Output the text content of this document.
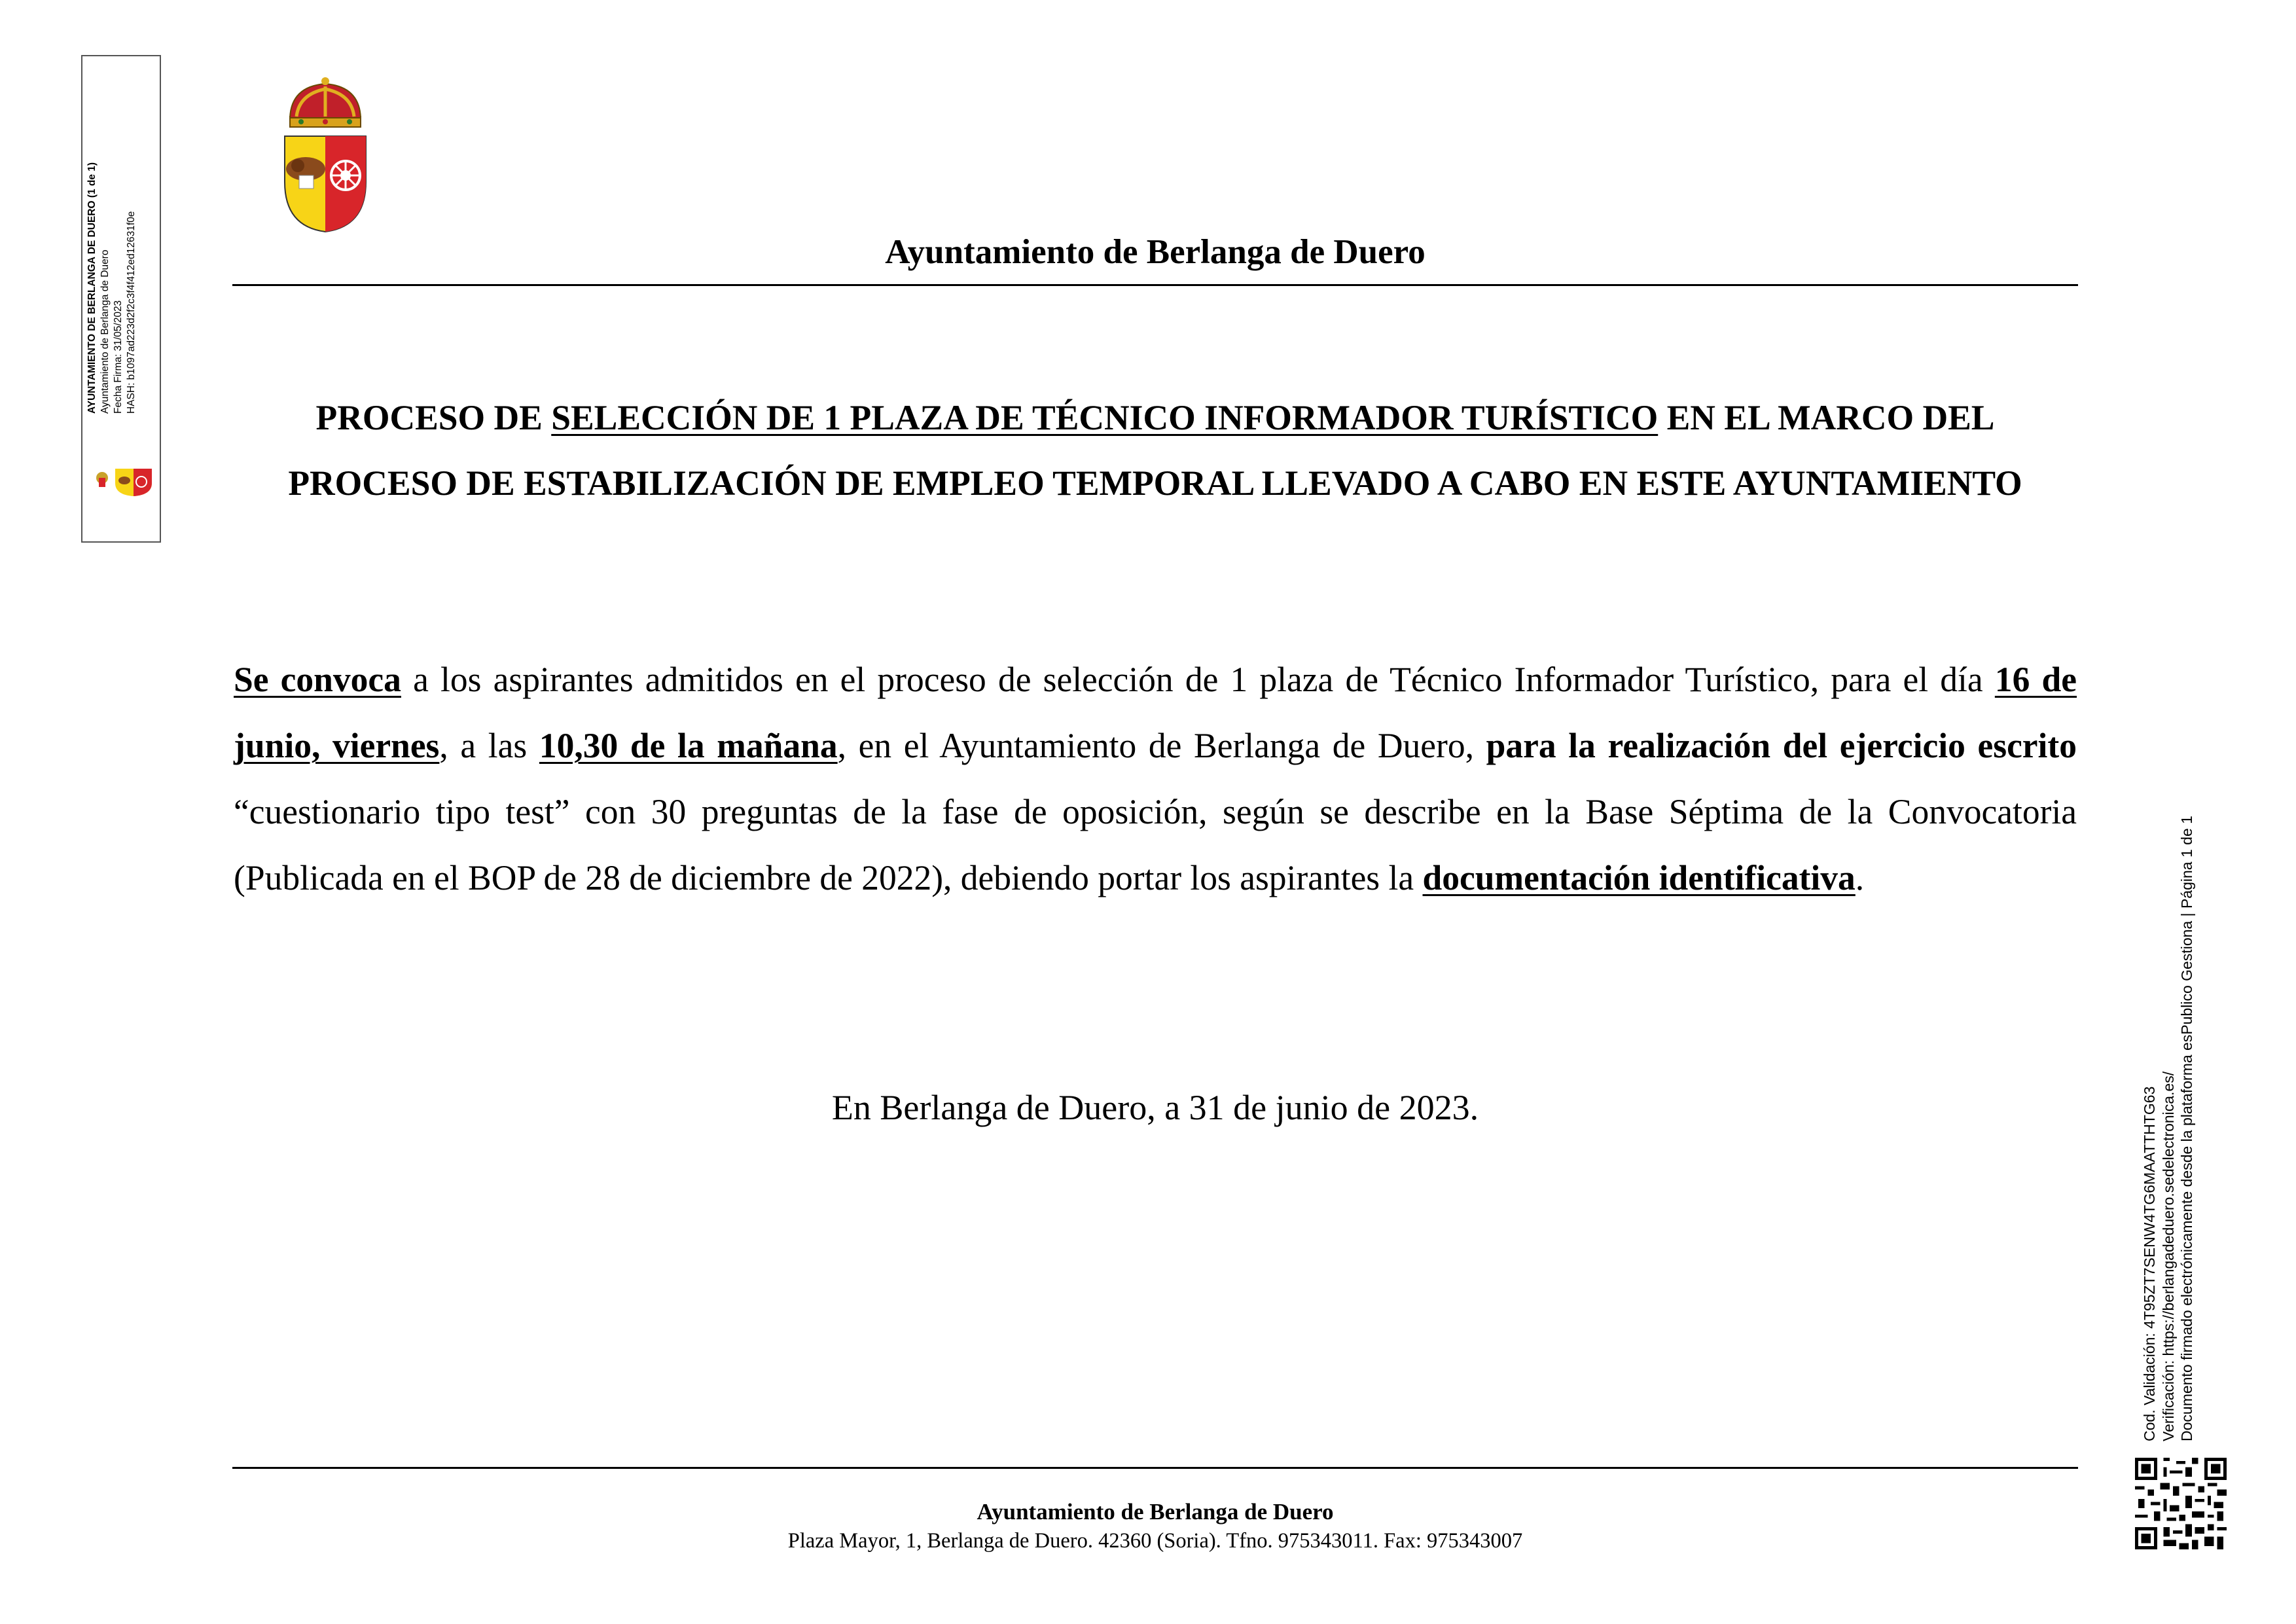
AYUNTAMIENTO DE BERLANGA DE DUERO (1 de 1) Ayuntamiento de Berlanga de Duero Fecha Firma: 31/05/2023 HASH: b1097ad223d2f2c3f4f412ed12631f0e	Ayuntamiento de Berlanga de Duero
PROCESO DE SELECCIÓN DE 1 PLAZA DE TÉCNICO INFORMADOR TURÍSTICO EN EL MARCO DEL PROCESO DE ESTABILIZACIÓN DE EMPLEO TEMPORAL LLEVADO A CABO EN ESTE AYUNTAMIENTO
Se convoca a los aspirantes admitidos en el proceso de selección de 1 plaza de Técnico Informador Turístico, para el día 16 de junio, viernes, a las 10,30 de la mañana, en el Ayuntamiento de Berlanga de Duero, para la realización del ejercicio escrito “cuestionario tipo test” con 30 preguntas de la fase de oposición, según se describe en la Base Séptima de la Convocatoria (Publicada en el BOP de 28 de diciembre de 2022), debiendo portar los aspirantes la documentación identificativa.
En Berlanga de Duero, a 31 de junio de 2023.
Ayuntamiento de Berlanga de Duero
Plaza Mayor, 1, Berlanga de Duero. 42360 (Soria). Tfno. 975343011. Fax: 975343007
Cod. Validación: 4T95ZT7SENW4TG6MAATTHTG63 Verificación: https://berlangadeduero.sedelectronica.es/ Documento firmado electrónicamente desde la plataforma esPublico Gestiona | Página 1 de 1
